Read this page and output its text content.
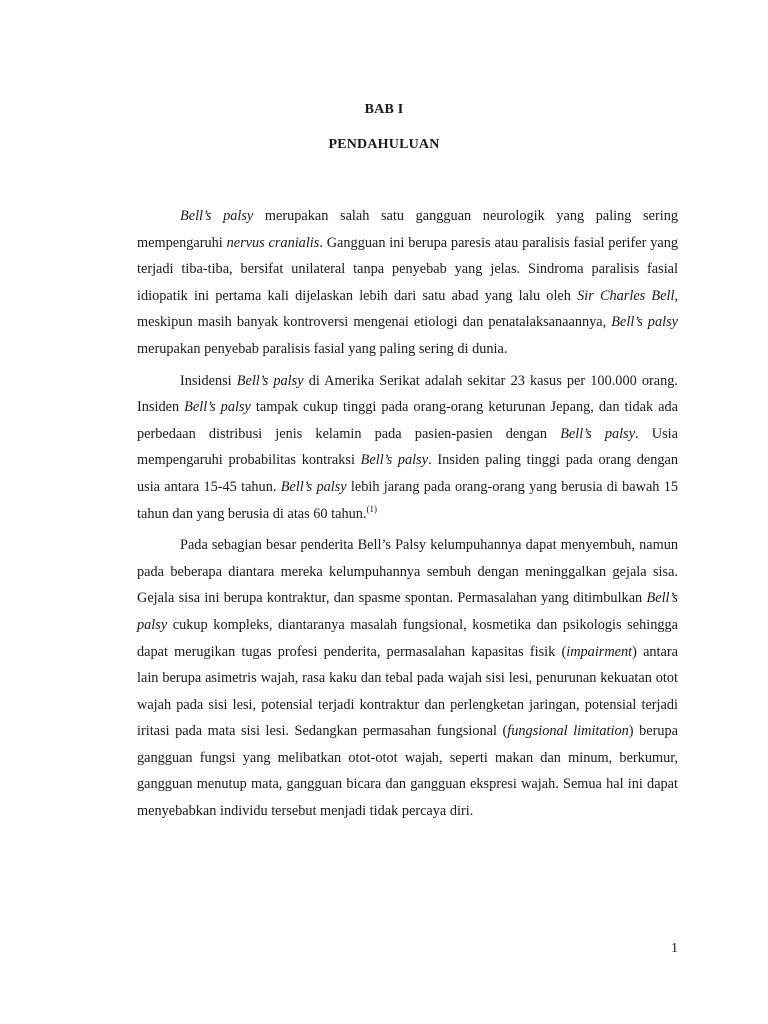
BAB I
PENDAHULUAN

Bell’s palsy merupakan salah satu gangguan neurologik yang paling sering mempengaruhi nervus cranialis. Gangguan ini berupa paresis atau paralisis fasial perifer yang terjadi tiba-tiba, bersifat unilateral tanpa penyebab yang jelas. Sindroma paralisis fasial idiopatik ini pertama kali dijelaskan lebih dari satu abad yang lalu oleh Sir Charles Bell, meskipun masih banyak kontroversi mengenai etiologi dan penatalaksanaannya, Bell’s palsy merupakan penyebab paralisis fasial yang paling sering di dunia.

Insidensi Bell’s palsy di Amerika Serikat adalah sekitar 23 kasus per 100.000 orang. Insiden Bell’s palsy tampak cukup tinggi pada orang-orang keturunan Jepang, dan tidak ada perbedaan distribusi jenis kelamin pada pasien-pasien dengan Bell’s palsy. Usia mempengaruhi probabilitas kontraksi Bell’s palsy. Insiden paling tinggi pada orang dengan usia antara 15-45 tahun. Bell’s palsy lebih jarang pada orang-orang yang berusia di bawah 15 tahun dan yang berusia di atas 60 tahun.$^{(1)}$

Pada sebagian besar penderita Bell’s Palsy kelumpuhannya dapat menyembuh, namun pada beberapa diantara mereka kelumpuhannya sembuh dengan meninggalkan gejala sisa. Gejala sisa ini berupa kontraktur, dan spasme spontan. Permasalahan yang ditimbulkan Bell’s palsy cukup kompleks, diantaranya masalah fungsional, kosmetika dan psikologis sehingga dapat merugikan tugas profesi penderita, permasalahan kapasitas fisik (impairment) antara lain berupa asimetris wajah, rasa kaku dan tebal pada wajah sisi lesi, penurunan kekuatan otot wajah pada sisi lesi, potensial terjadi kontraktur dan perlengketan jaringan, potensial terjadi iritasi pada mata sisi lesi. Sedangkan permasahan fungsional (fungsional limitation) berupa gangguan fungsi yang melibatkan otot-otot wajah, seperti makan dan minum, berkumur, gangguan menutup mata, gangguan bicara dan gangguan ekspresi wajah. Semua hal ini dapat menyebabkan individu tersebut menjadi tidak percaya diri.

1
